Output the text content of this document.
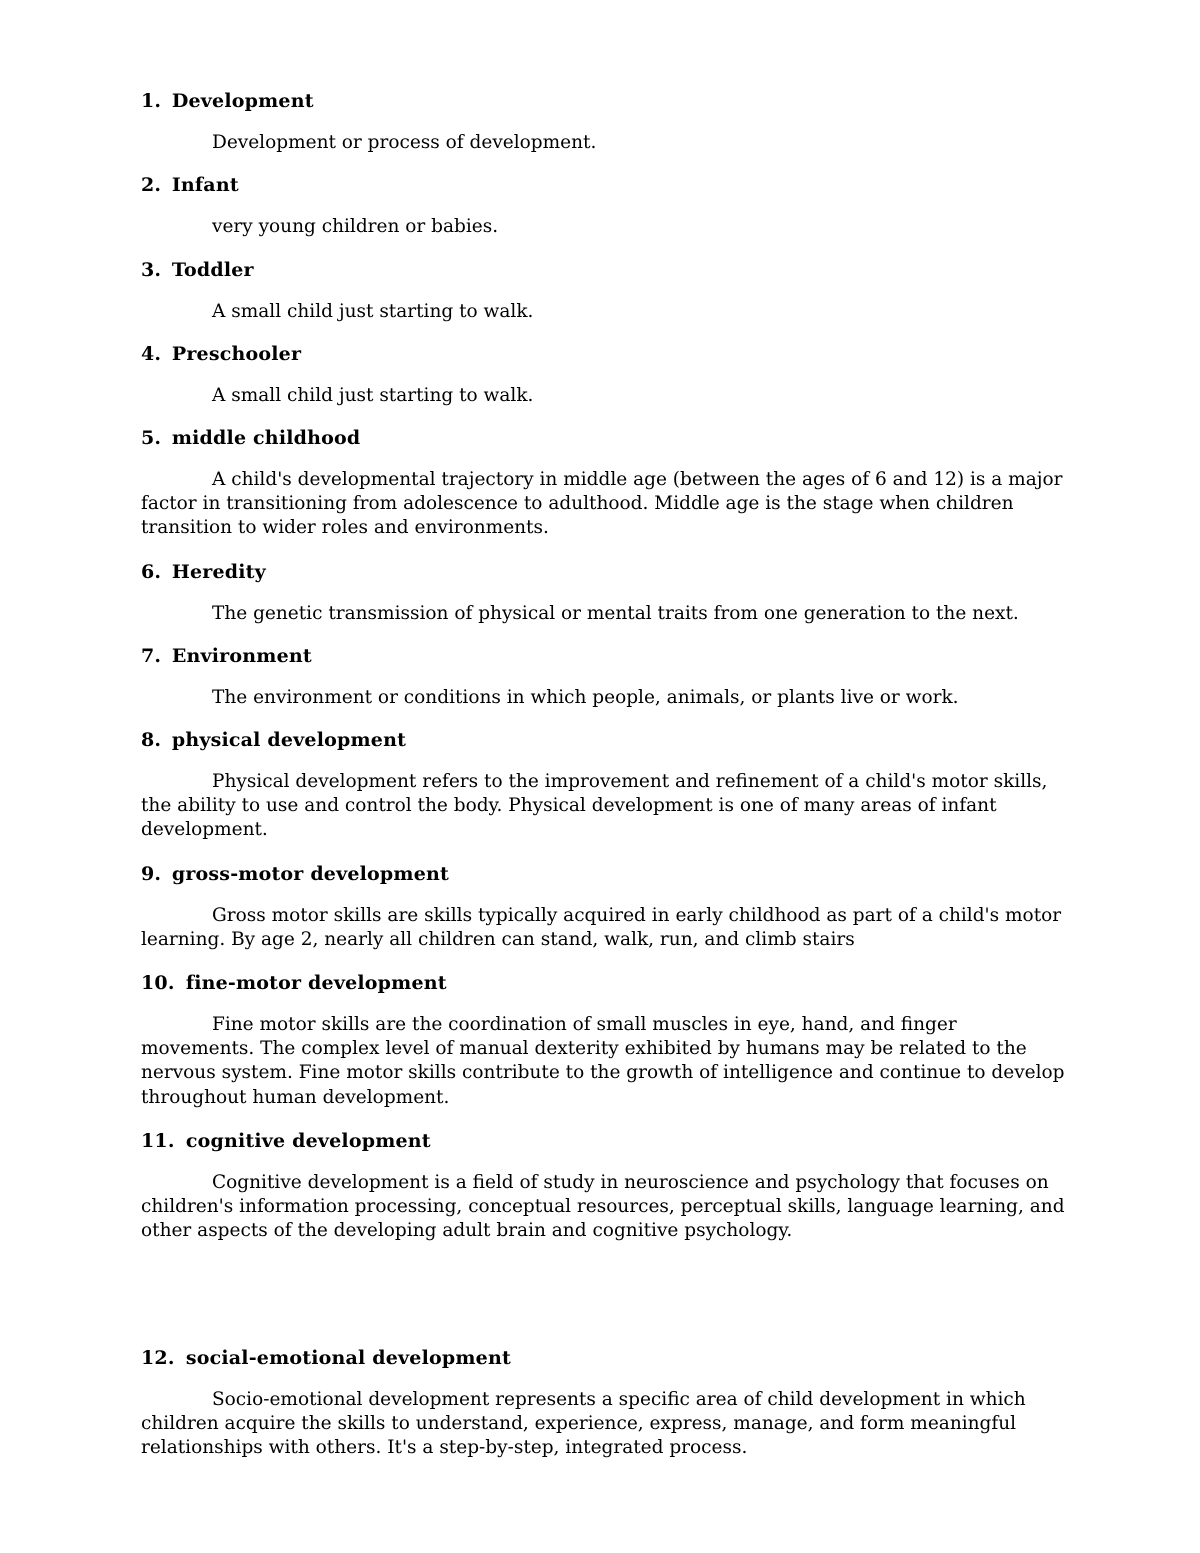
1. Development

Development or process of development.

2. Infant

very young children or babies.

3. Toddler

A small child just starting to walk.

4. Preschooler

A small child just starting to walk.

5. middle childhood

A child's developmental trajectory in middle age (between the ages of 6 and 12) is a major factor in transitioning from adolescence to adulthood. Middle age is the stage when children transition to wider roles and environments.

6. Heredity

The genetic transmission of physical or mental traits from one generation to the next.

7. Environment

The environment or conditions in which people, animals, or plants live or work.

8. physical development

Physical development refers to the improvement and refinement of a child's motor skills, the ability to use and control the body. Physical development is one of many areas of infant development.

9. gross-motor development

Gross motor skills are skills typically acquired in early childhood as part of a child's motor learning. By age 2, nearly all children can stand, walk, run, and climb stairs

10. fine-motor development

Fine motor skills are the coordination of small muscles in eye, hand, and finger movements. The complex level of manual dexterity exhibited by humans may be related to the nervous system. Fine motor skills contribute to the growth of intelligence and continue to develop throughout human development.

11. cognitive development

Cognitive development is a field of study in neuroscience and psychology that focuses on children's information processing, conceptual resources, perceptual skills, language learning, and other aspects of the developing adult brain and cognitive psychology.

12. social-emotional development

Socio-emotional development represents a specific area of child development in which children acquire the skills to understand, experience, express, manage, and form meaningful relationships with others. It's a step-by-step, integrated process.
